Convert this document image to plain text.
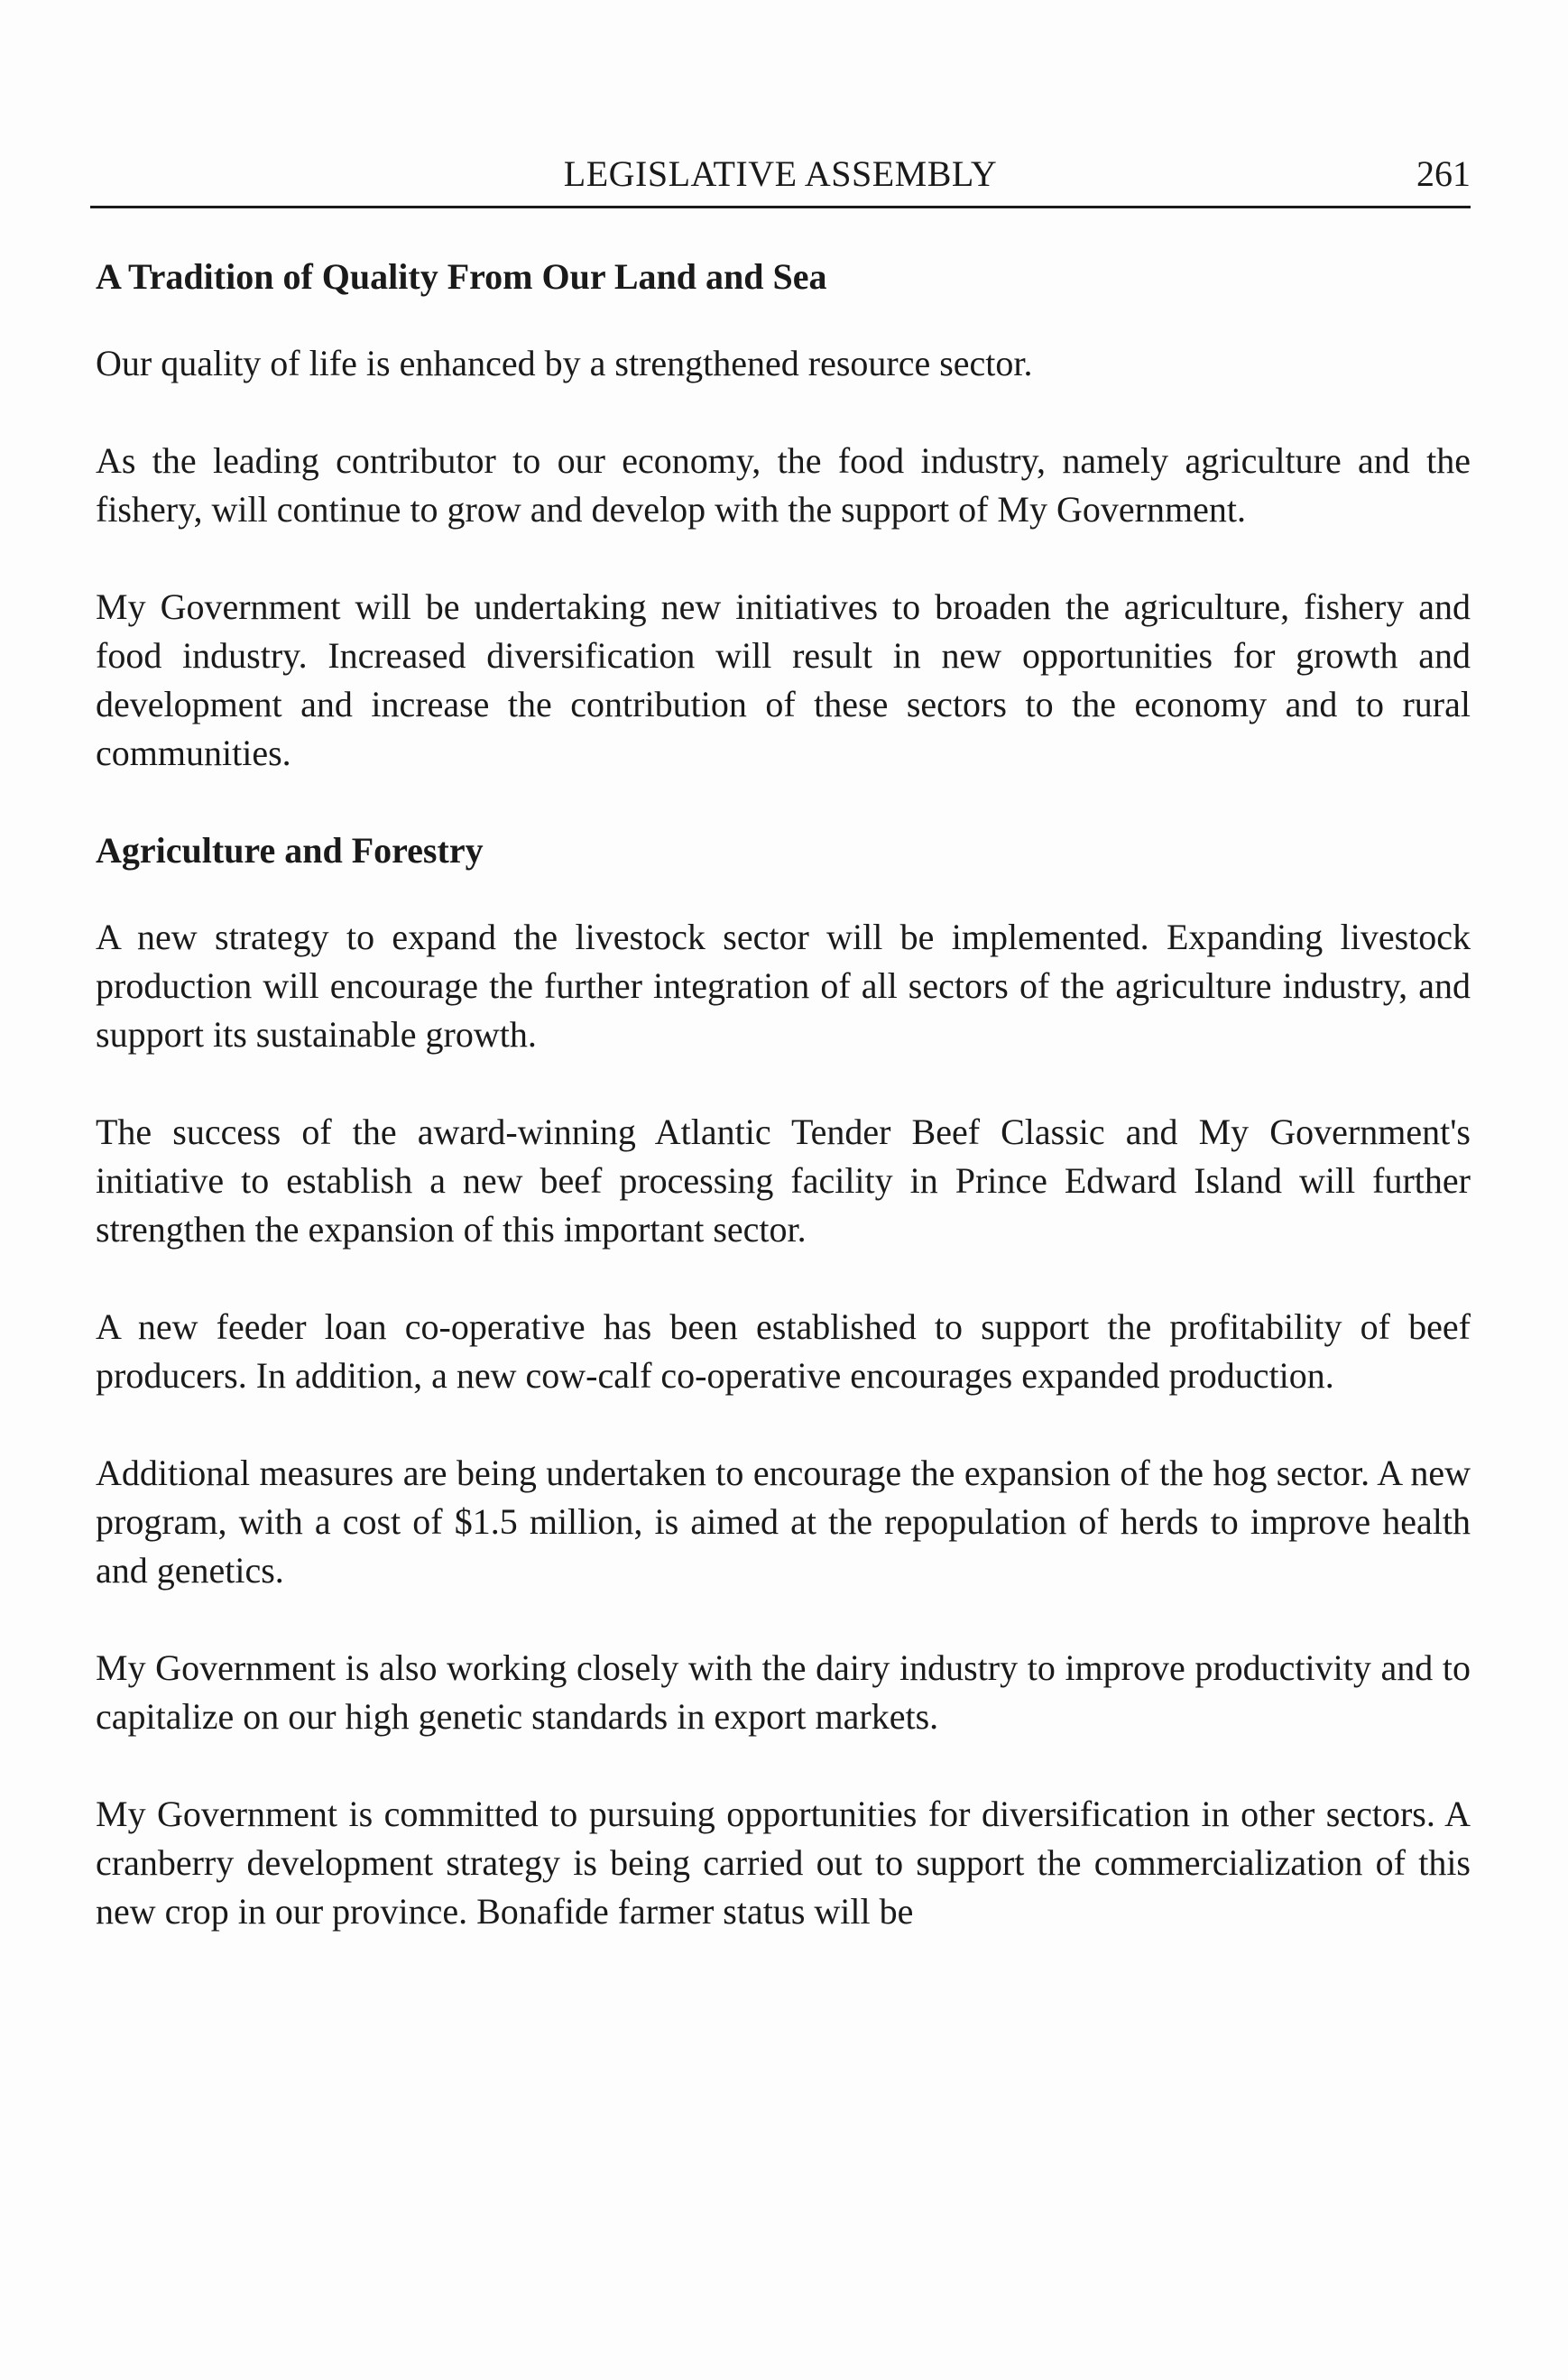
LEGISLATIVE ASSEMBLY	261
A Tradition of Quality From Our Land and Sea

Our quality of life is enhanced by a strengthened resource sector.

As the leading contributor to our economy, the food industry, namely agriculture and the fishery, will continue to grow and develop with the support of My Government.

My Government will be undertaking new initiatives to broaden the agriculture, fishery and food industry. Increased diversification will result in new opportunities for growth and development and increase the contribution of these sectors to the economy and to rural communities.

Agriculture and Forestry

A new strategy to expand the livestock sector will be implemented. Expanding livestock production will encourage the further integration of all sectors of the agriculture industry, and support its sustainable growth.

The success of the award-winning Atlantic Tender Beef Classic and My Government's initiative to establish a new beef processing facility in Prince Edward Island will further strengthen the expansion of this important sector.

A new feeder loan co-operative has been established to support the profitability of beef producers. In addition, a new cow-calf co-operative encourages expanded production.

Additional measures are being undertaken to encourage the expansion of the hog sector. A new program, with a cost of $1.5 million, is aimed at the repopulation of herds to improve health and genetics.

My Government is also working closely with the dairy industry to improve productivity and to capitalize on our high genetic standards in export markets.

My Government is committed to pursuing opportunities for diversification in other sectors. A cranberry development strategy is being carried out to support the commercialization of this new crop in our province. Bonafide farmer status will be
